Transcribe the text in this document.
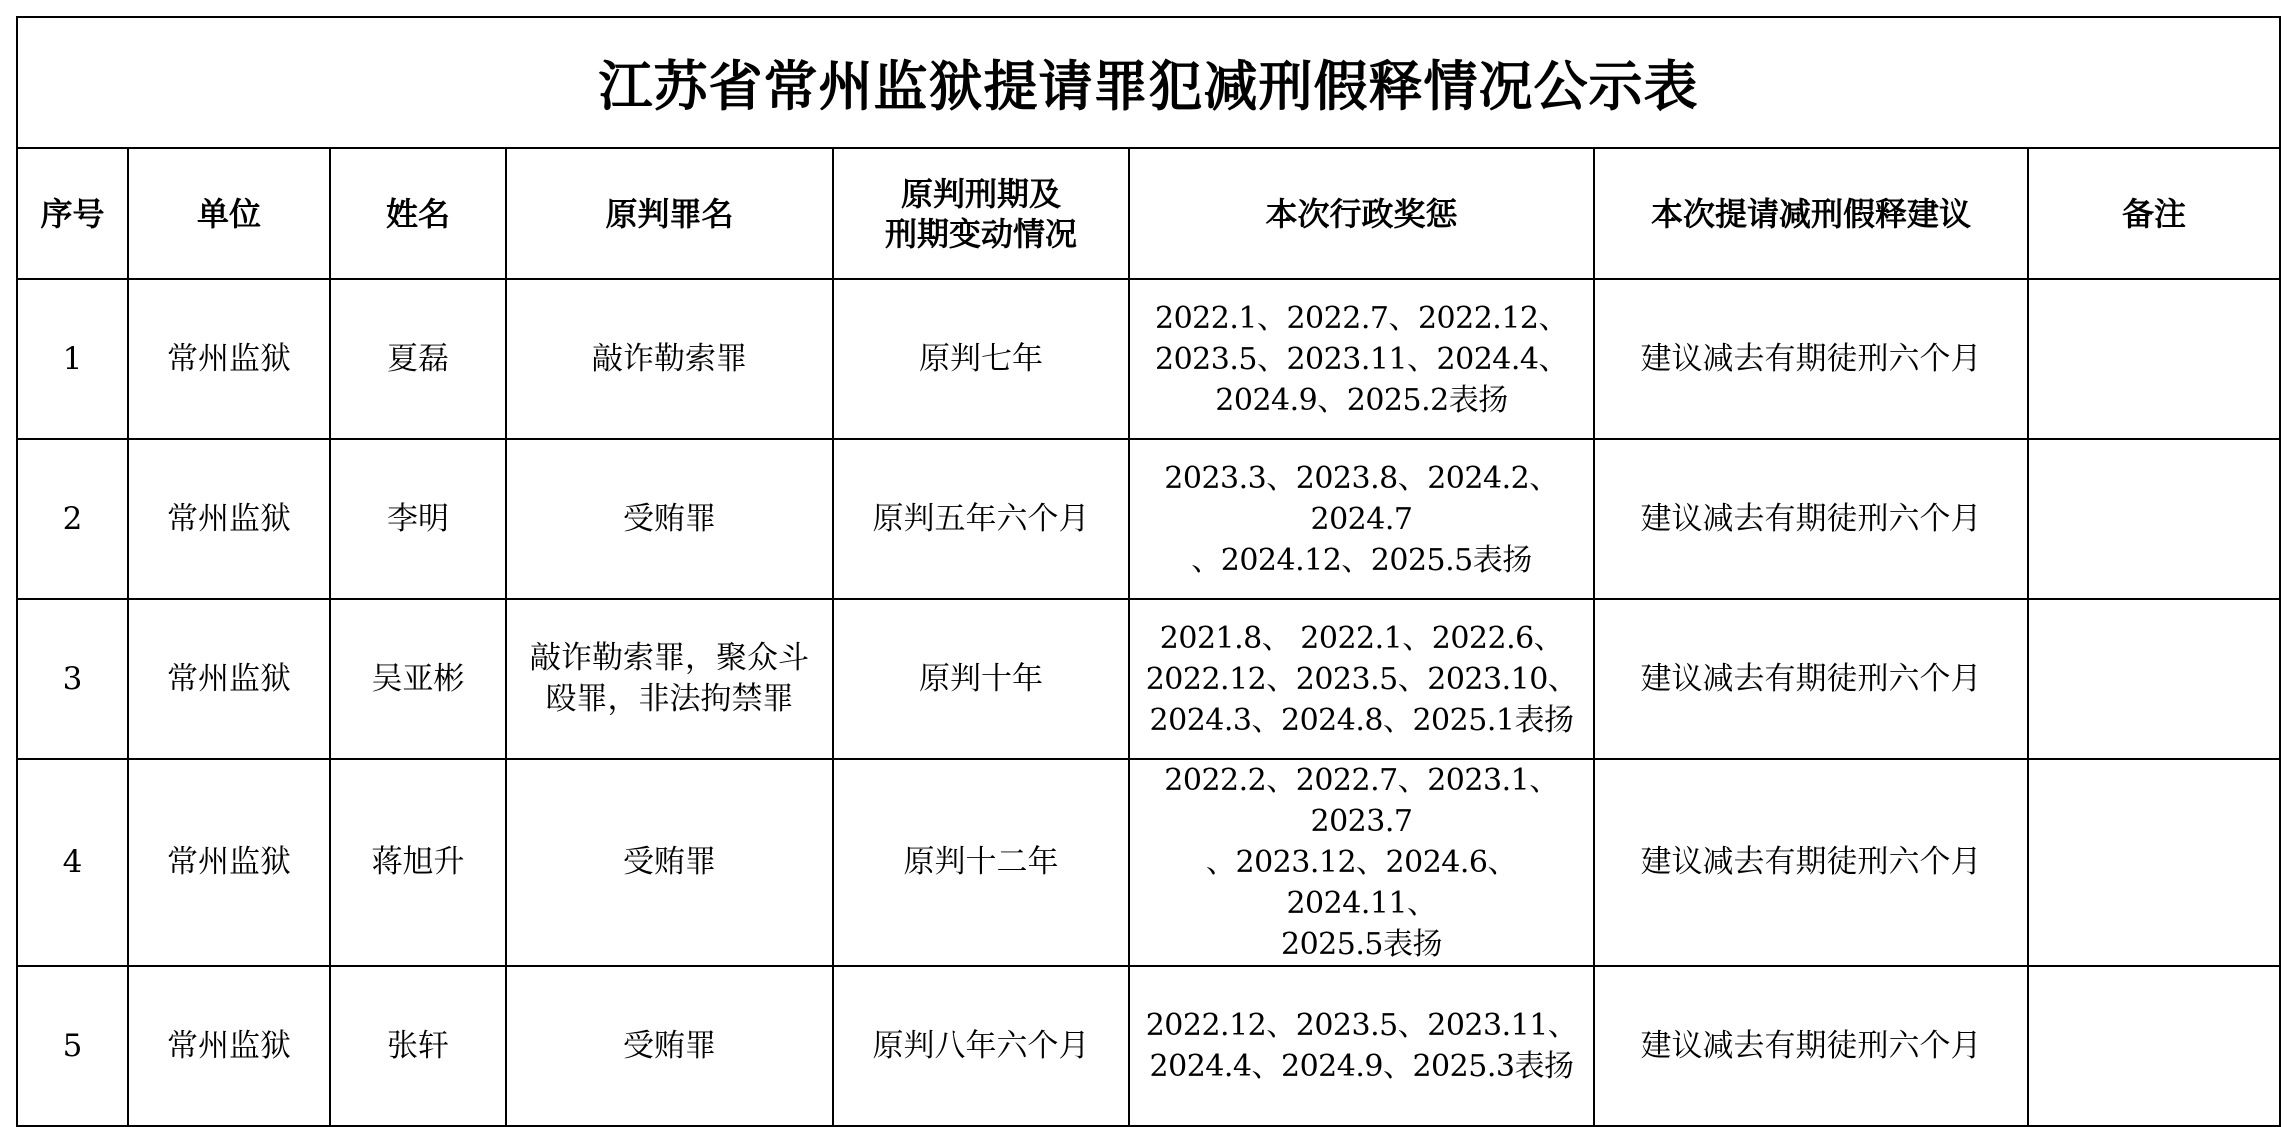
江苏省常州监狱提请罪犯减刑假释情况公示表							
序号	单位	姓名	原判罪名	原判刑期及
刑期变动情况	本次行政奖惩	本次提请减刑假释建议	备注
1	常州监狱	夏磊	敲诈勒索罪	原判七年	2022.1、2022.7、2022.12、
2023.5、2023.11、2024.4、
2024.9、2025.2表扬	建议减去有期徒刑六个月	
2	常州监狱	李明	受贿罪	原判五年六个月	2023.3、2023.8、2024.2、2024.7
、2024.12、2025.5表扬	建议减去有期徒刑六个月	
3	常州监狱	吴亚彬	敲诈勒索罪，聚众斗
殴罪，非法拘禁罪	原判十年	2021.8、 2022.1、2022.6、
2022.12、2023.5、2023.10、
2024.3、2024.8、2025.1表扬	建议减去有期徒刑六个月	
4	常州监狱	蒋旭升	受贿罪	原判十二年	2022.2、2022.7、2023.1、2023.7
、2023.12、2024.6、2024.11、
2025.5表扬	建议减去有期徒刑六个月	
5	常州监狱	张轩	受贿罪	原判八年六个月	2022.12、2023.5、2023.11、
2024.4、2024.9、2025.3表扬	建议减去有期徒刑六个月	
